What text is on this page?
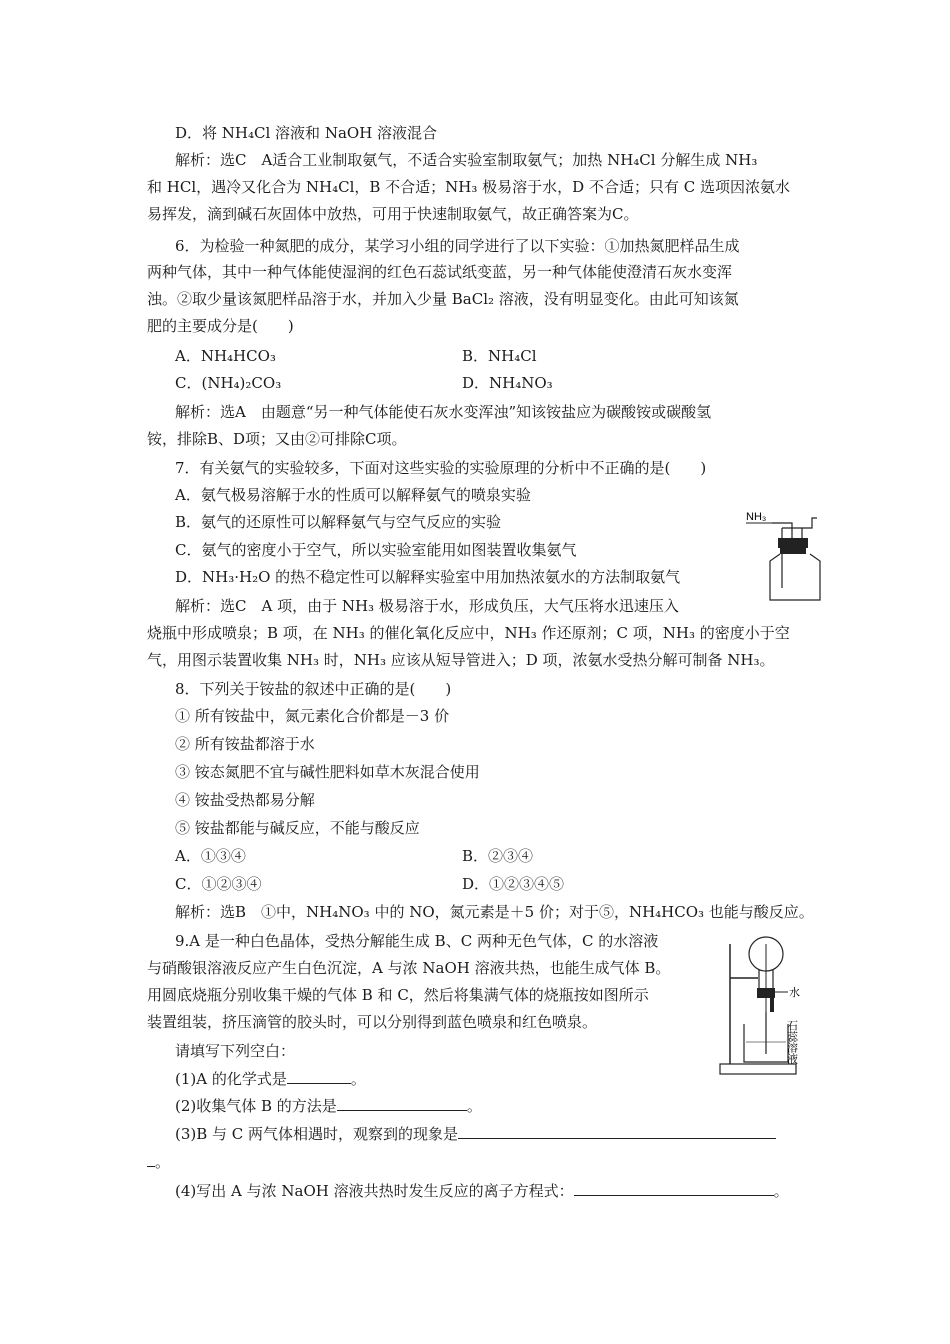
D．将 NH₄Cl 溶液和 NaOH 溶液混合
解析：选C　A适合工业制取氨气，不适合实验室制取氨气；加热 NH₄Cl 分解生成 NH₃
和 HCl，遇冷又化合为 NH₄Cl，B 不合适；NH₃ 极易溶于水，D 不合适；只有 C 选项因浓氨水
易挥发，滴到碱石灰固体中放热，可用于快速制取氨气，故正确答案为C。
6．为检验一种氮肥的成分，某学习小组的同学进行了以下实验：①加热氮肥样品生成
两种气体，其中一种气体能使湿润的红色石蕊试纸变蓝，另一种气体能使澄清石灰水变浑
浊。②取少量该氮肥样品溶于水，并加入少量 BaCl₂ 溶液，没有明显变化。由此可知该氮
肥的主要成分是(　　)
A．NH₄HCO₃	B．NH₄Cl
C．(NH₄)₂CO₃	D．NH₄NO₃
解析：选A　由题意“另一种气体能使石灰水变浑浊”知该铵盐应为碳酸铵或碳酸氢
铵，排除B、D项；又由②可排除C项。
7．有关氨气的实验较多，下面对这些实验的实验原理的分析中不正确的是(　　)
A．氨气极易溶解于水的性质可以解释氨气的喷泉实验
B．氨气的还原性可以解释氨气与空气反应的实验
C．氨气的密度小于空气，所以实验室能用如图装置收集氨气
D．NH₃·H₂O 的热不稳定性可以解释实验室中用加热浓氨水的方法制取氨气
解析：选C　A 项，由于 NH₃ 极易溶于水，形成负压，大气压将水迅速压入
烧瓶中形成喷泉；B 项，在 NH₃ 的催化氧化反应中，NH₃ 作还原剂；C 项，NH₃ 的密度小于空
气，用图示装置收集 NH₃ 时，NH₃ 应该从短导管进入；D 项，浓氨水受热分解可制备 NH₃。
NH₃
8．下列关于铵盐的叙述中正确的是(　　)
① 所有铵盐中，氮元素化合价都是－3 价
② 所有铵盐都溶于水
③ 铵态氮肥不宜与碱性肥料如草木灰混合使用
④ 铵盐受热都易分解
⑤ 铵盐都能与碱反应，不能与酸反应
A．①③④	B．②③④
C．①②③④	D．①②③④⑤
解析：选B　①中，NH₄NO₃ 中的 NO，氮元素是＋5 价；对于⑤，NH₄HCO₃ 也能与酸反应。
9.A 是一种白色晶体，受热分解能生成 B、C 两种无色气体，C 的水溶液
与硝酸银溶液反应产生白色沉淀，A 与浓 NaOH 溶液共热，也能生成气体 B。
用圆底烧瓶分别收集干燥的气体 B 和 C，然后将集满气体的烧瓶按如图所示
装置组装，挤压滴管的胶头时，可以分别得到蓝色喷泉和红色喷泉。
请填写下列空白：
(1)A 的化学式是	。
(2)收集气体 B 的方法是	。
(3)B 与 C 两气体相遇时，观察到的现象是
。
(4)写出 A 与浓 NaOH 溶液共热时发生反应的离子方程式：	。
水
石蕊溶液
